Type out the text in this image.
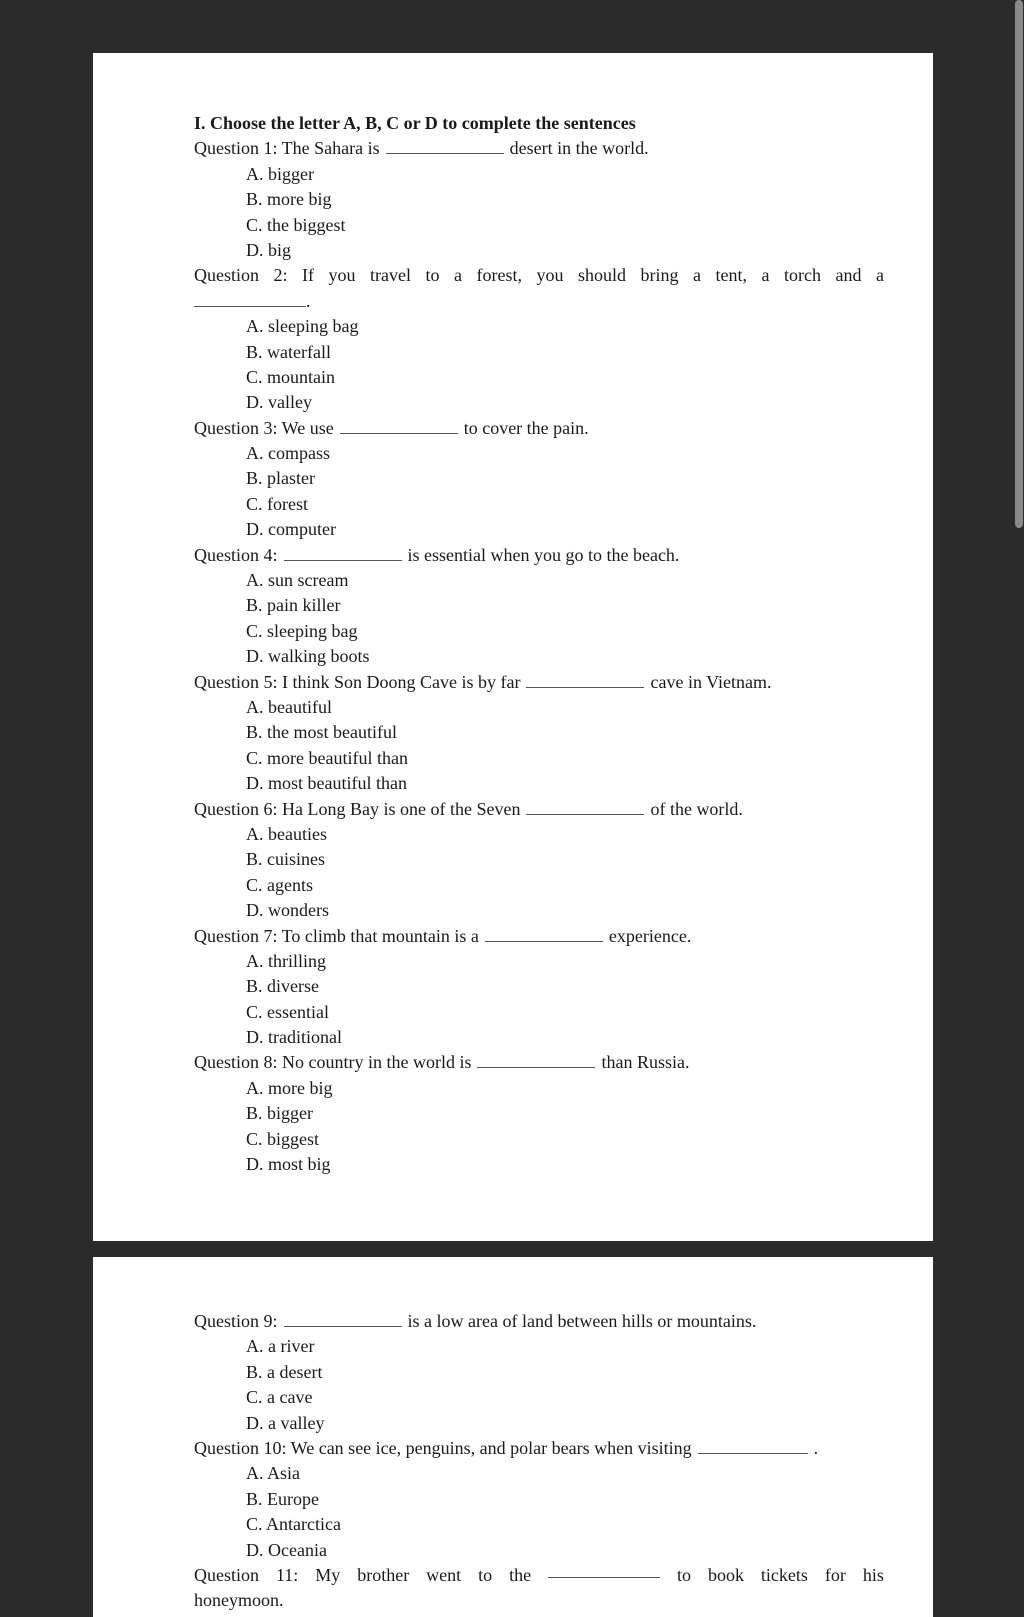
I. Choose the letter A, B, C or D to complete the sentences
Question 1: The Sahara is	desert in the world.
A. bigger
B. more big
C. the biggest
D. big
Question 2: If you travel to a forest, you should bring a tent, a torch and a
.
A. sleeping bag
B. waterfall
C. mountain
D. valley
Question 3: We use	to cover the pain.
A. compass
B. plaster
C. forest
D. computer
Question 4:	is essential when you go to the beach.
A. sun scream
B. pain killer
C. sleeping bag
D. walking boots
Question 5: I think Son Doong Cave is by far	cave in Vietnam.
A. beautiful
B. the most beautiful
C. more beautiful than
D. most beautiful than
Question 6: Ha Long Bay is one of the Seven	of the world.
A. beauties
B. cuisines
C. agents
D. wonders
Question 7: To climb that mountain is a	experience.
A. thrilling
B. diverse
C. essential
D. traditional
Question 8: No country in the world is	than Russia.
A. more big
B. bigger
C. biggest
D. most big
Question 9:	is a low area of land between hills or mountains.
A. a river
B. a desert
C. a cave
D. a valley
Question 10: We can see ice, penguins, and polar bears when visiting	.
A. Asia
B. Europe
C. Antarctica
D. Oceania
Question 11: My brother went to the	to book tickets for his
honeymoon.
